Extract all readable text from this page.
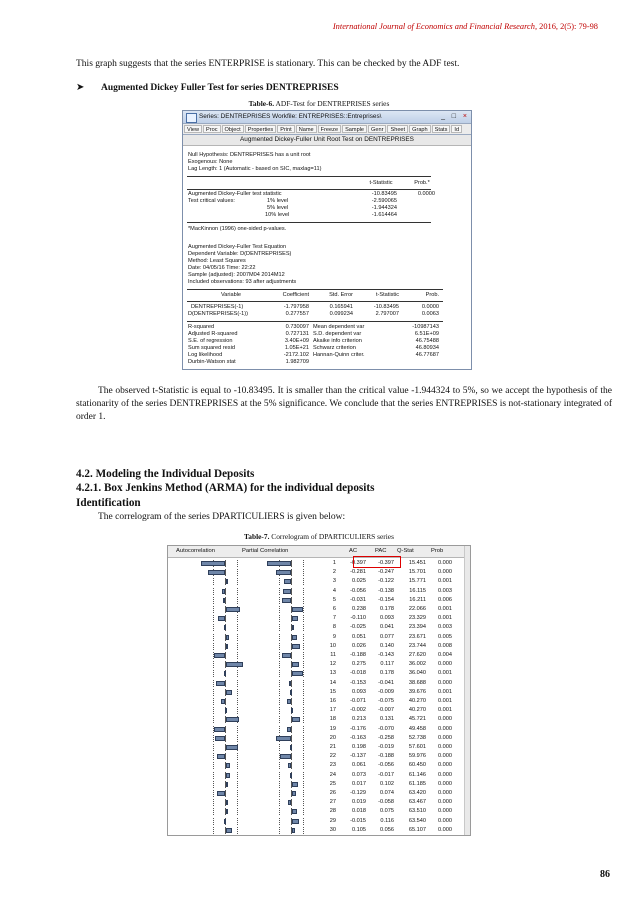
International Journal of Economics and Financial Research, 2016, 2(5): 79-98
This graph suggests that the series ENTERPRISE is stationary. This can be checked by the ADF test.
➤ Augmented Dickey Fuller Test for series DENTREPRISES
Table-6. ADF-Test for DENTREPRISES series
Series: DENTREPRISES Workfile: ENTREPRISES::Entreprises\	_ □ ×
View	Proc	Object	Properties	Print	Name	Freeze	Sample	Genr	Sheet	Graph	Stats	Id
Augmented Dickey-Fuller Unit Root Test on DENTREPRISES
Null Hypothesis: DENTREPRISES has a unit root
Exogenous: None
Lag Length: 1 (Automatic - based on SIC, maxlag=11)
t-Statistic	Prob.*
Augmented Dickey-Fuller test statistic	-10.83495	0.0000
Test critical values:	1% level	-2.590065
5% level	-1.944324
10% level	-1.614464
*MacKinnon (1996) one-sided p-values.
Augmented Dickey-Fuller Test Equation
Dependent Variable: D(DENTREPRISES)
Method: Least Squares
Date: 04/05/16 Time: 22:22
Sample (adjusted): 2007M04 2014M12
Included observations: 93 after adjustments
Variable	Coefficient	Std. Error	t-Statistic	Prob.
DENTREPRISES(-1)	-1.797958	0.165941	-10.83495	0.0000
D(DENTREPRISES(-1))	0.277557	0.099234	2.797007	0.0063
R-squared	0.730097 Mean dependent var	-10987143
Adjusted R-squared	0.727131 S.D. dependent var	6.51E+09
S.E. of regression	3.40E+09 Akaike info criterion	46.75488
Sum squared resid	1.05E+21 Schwarz criterion	46.80934
Log likelihood	-2172.102 Hannan-Quinn criter.	46.77687
Durbin-Watson stat	1.982709
The observed t-Statistic is equal to -10.83495. It is smaller than the critical value -1.944324 to 5%, so we accept the hypothesis of the stationarity of the series DENTREPRISES at the 5% significance. We conclude that the series ENTREPRISES is not-stationary integrated of order 1.
4.2. Modeling the Individual Deposits
4.2.1. Box Jenkins Method (ARMA) for the individual deposits
Identification
The correlogram of the series DPARTICULIERS is given below:
Table-7. Correlogram of DPARTICULIERS series
Autocorrelation	Partial Correlation	AC	PAC Q-Stat	Prob
1	-0.397	-0.397	15.451	0.000
2	-0.281	-0.247	15.701	0.000
3	0.025	-0.122	15.771	0.001
4	-0.056	-0.138	16.115	0.003
5	-0.031	-0.154	16.211	0.006
6	0.238	0.178	22.066	0.001
7	-0.110	0.093	23.329	0.001
8	-0.025	0.041	23.394	0.003
9	0.051	0.077	23.671	0.005
10	0.026	0.140	23.744	0.008
11	-0.188	-0.143	27.620	0.004
12	0.275	0.117	36.002	0.000
13	-0.018	0.178	36.040	0.001
14	-0.153	-0.041	38.688	0.000
15	0.093	-0.009	39.676	0.001
16	-0.071	-0.075	40.270	0.001
17	-0.002	-0.007	40.270	0.001
18	0.213	0.131	45.721	0.000
19	-0.176	-0.070	49.458	0.000
20	-0.163	-0.258	52.738	0.000
21	0.198	-0.019	57.601	0.000
22	-0.137	-0.188	59.976	0.000
23	0.061	-0.056	60.450	0.000
24	0.073	-0.017	61.146	0.000
25	0.017	0.102	61.185	0.000
26	-0.129	0.074	63.420	0.000
27	0.019	-0.058	63.467	0.000
28	0.018	0.075	63.510	0.000
29	-0.015	0.116	63.540	0.000
30	0.105	0.056	65.107	0.000
86
